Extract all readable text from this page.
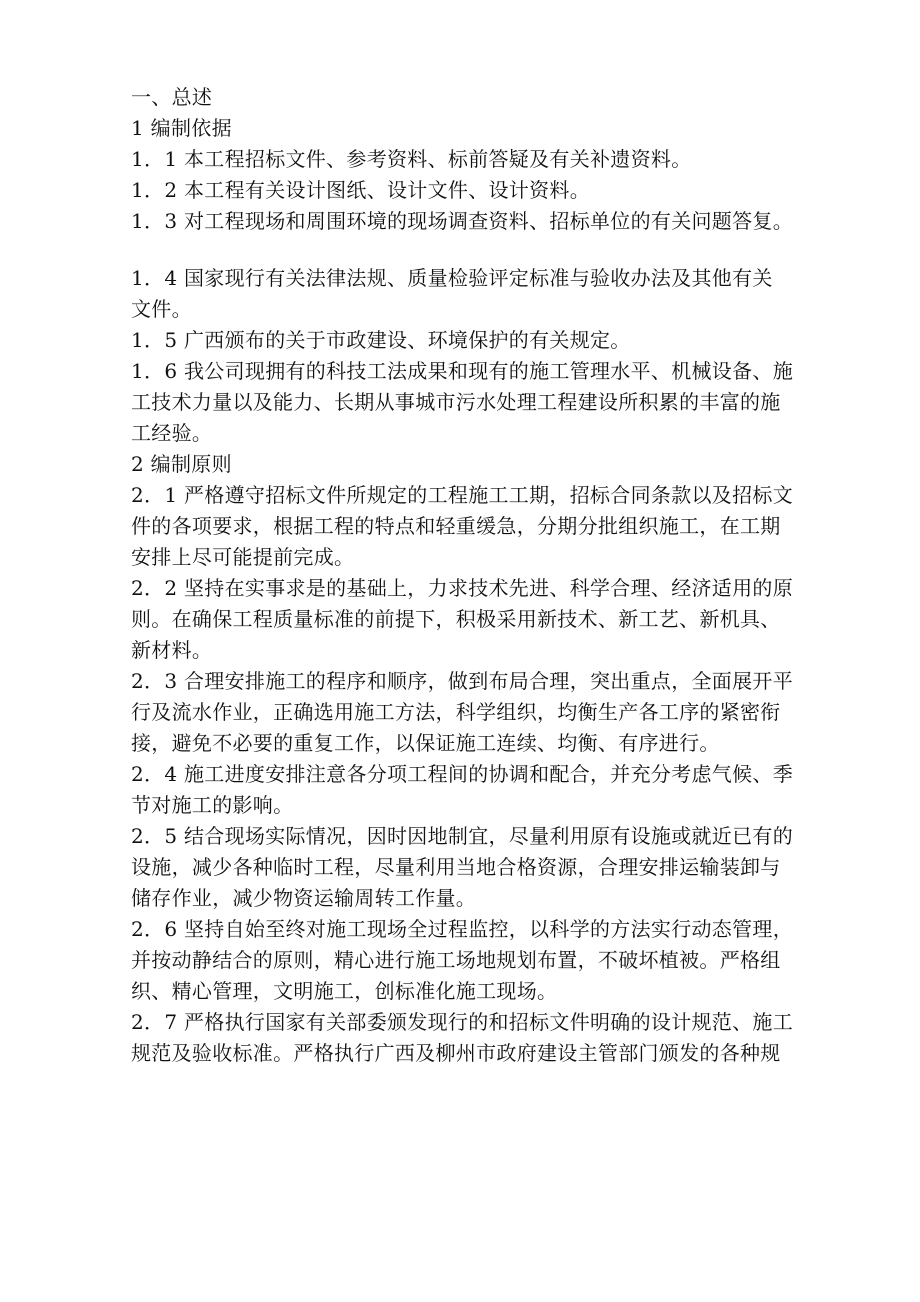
一、总述

1 编制依据

1．1 本工程招标文件、参考资料、标前答疑及有关补遗资料。

1．2 本工程有关设计图纸、设计文件、设计资料。

1．3 对工程现场和周围环境的现场调查资料、招标单位的有关问题答复。

1．4 国家现行有关法律法规、质量检验评定标准与验收办法及其他有关

文件。

1．5 广西颁布的关于市政建设、环境保护的有关规定。

1．6 我公司现拥有的科技工法成果和现有的施工管理水平、机械设备、施

工技术力量以及能力、长期从事城市污水处理工程建设所积累的丰富的施

工经验。

2 编制原则

2．1 严格遵守招标文件所规定的工程施工工期，招标合同条款以及招标文

件的各项要求，根据工程的特点和轻重缓急，分期分批组织施工，在工期

安排上尽可能提前完成。

2．2 坚持在实事求是的基础上，力求技术先进、科学合理、经济适用的原

则。在确保工程质量标准的前提下，积极采用新技术、新工艺、新机具、

新材料。

2．3 合理安排施工的程序和顺序，做到布局合理，突出重点，全面展开平

行及流水作业，正确选用施工方法，科学组织，均衡生产各工序的紧密衔

接，避免不必要的重复工作，以保证施工连续、均衡、有序进行。

2．4 施工进度安排注意各分项工程间的协调和配合，并充分考虑气候、季

节对施工的影响。

2．5 结合现场实际情况，因时因地制宜，尽量利用原有设施或就近已有的

设施，减少各种临时工程，尽量利用当地合格资源，合理安排运输装卸与

储存作业，减少物资运输周转工作量。

2．6 坚持自始至终对施工现场全过程监控，以科学的方法实行动态管理，

并按动静结合的原则，精心进行施工场地规划布置，不破坏植被。严格组

织、精心管理，文明施工，创标准化施工现场。

2．7 严格执行国家有关部委颁发现行的和招标文件明确的设计规范、施工

规范及验收标准。严格执行广西及柳州市政府建设主管部门颁发的各种规
